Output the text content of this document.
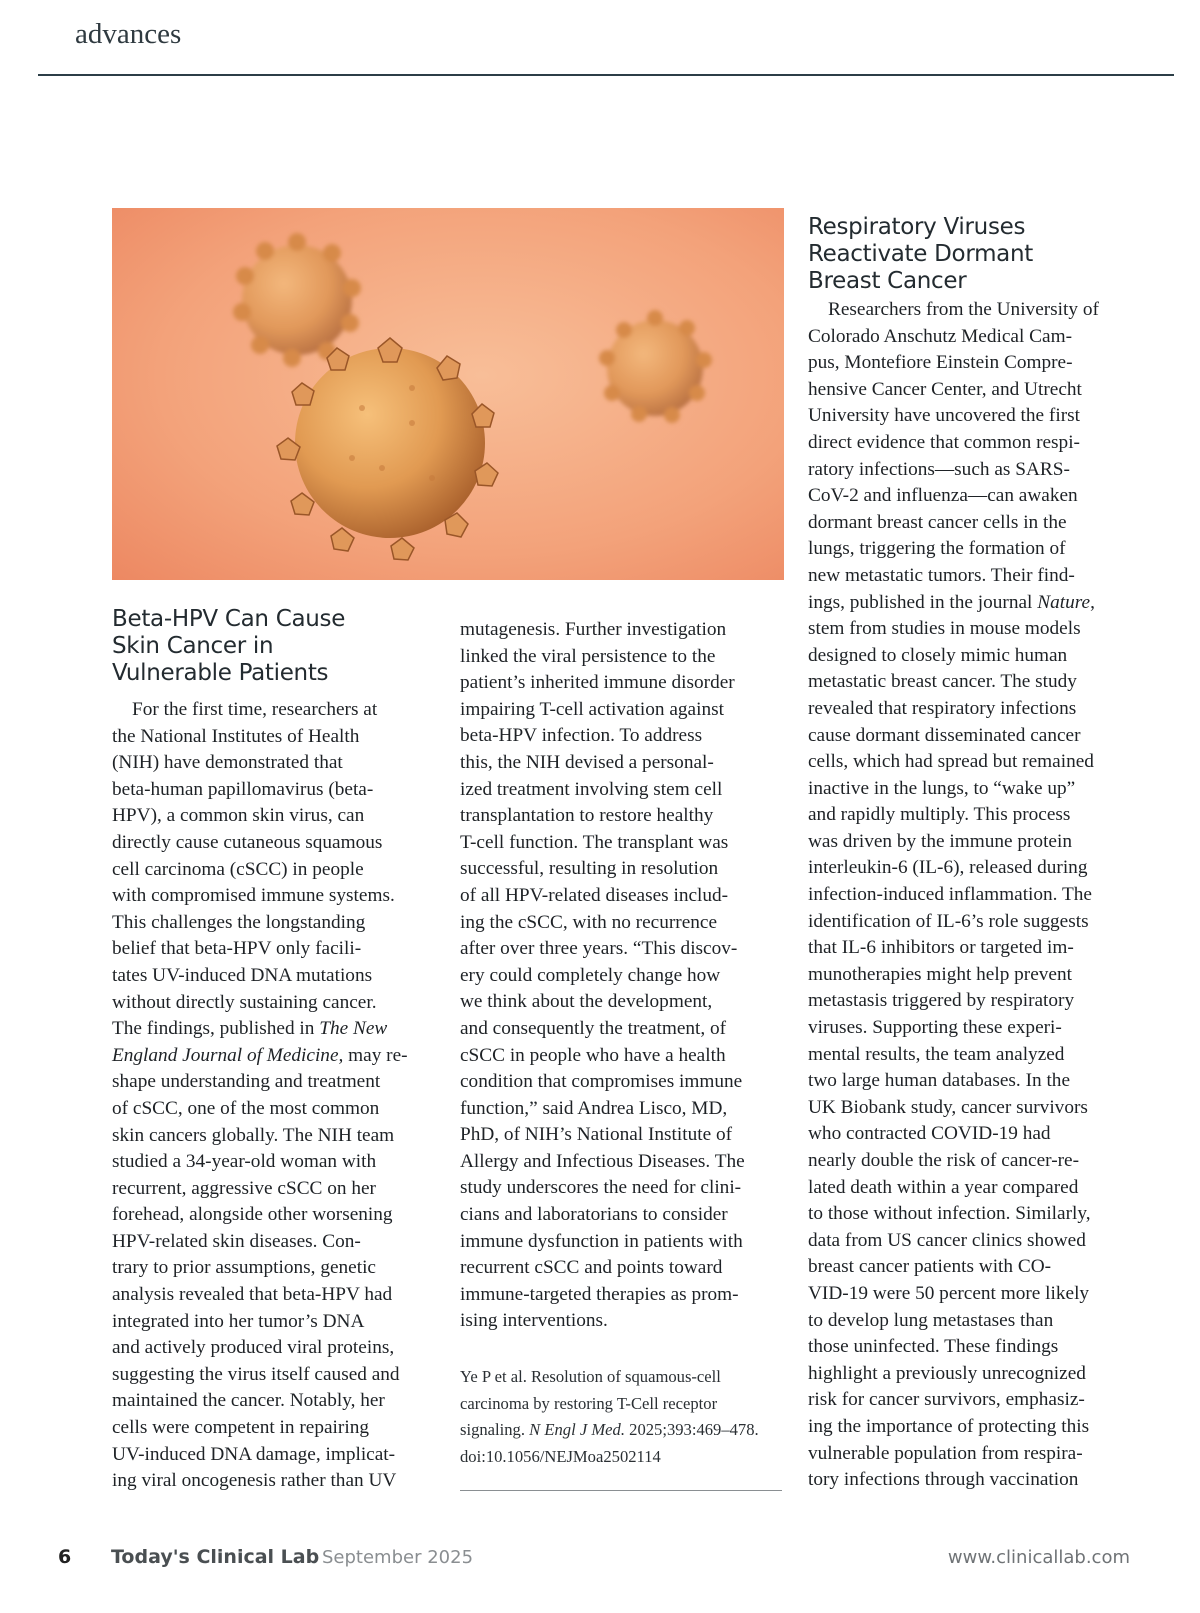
advances
Beta-HPV Can Cause
Skin Cancer in
Vulnerable Patients
For the first time, researchers at
the National Institutes of Health
(NIH) have demonstrated that
beta-human papillomavirus (beta-
HPV), a common skin virus, can
directly cause cutaneous squamous
cell carcinoma (cSCC) in people
with compromised immune systems.
This challenges the longstanding
belief that beta-HPV only facili-
tates UV-induced DNA mutations
without directly sustaining cancer.
The findings, published in The New
England Journal of Medicine, may re-
shape understanding and treatment
of cSCC, one of the most common
skin cancers globally. The NIH team
studied a 34-year-old woman with
recurrent, aggressive cSCC on her
forehead, alongside other worsening
HPV-related skin diseases. Con-
trary to prior assumptions, genetic
analysis revealed that beta-HPV had
integrated into her tumor’s DNA
and actively produced viral proteins,
suggesting the virus itself caused and
maintained the cancer. Notably, her
cells were competent in repairing
UV-induced DNA damage, implicat-
ing viral oncogenesis rather than UV
mutagenesis. Further investigation
linked the viral persistence to the
patient’s inherited immune disorder
impairing T-cell activation against
beta-HPV infection. To address
this, the NIH devised a personal-
ized treatment involving stem cell
transplantation to restore healthy
T-cell function. The transplant was
successful, resulting in resolution
of all HPV-related diseases includ-
ing the cSCC, with no recurrence
after over three years. “This discov-
ery could completely change how
we think about the development,
and consequently the treatment, of
cSCC in people who have a health
condition that compromises immune
function,” said Andrea Lisco, MD,
PhD, of NIH’s National Institute of
Allergy and Infectious Diseases. The
study underscores the need for clini-
cians and laboratorians to consider
immune dysfunction in patients with
recurrent cSCC and points toward
immune-targeted therapies as prom-
ising interventions.
Ye P et al. Resolution of squamous-cell
carcinoma by restoring T-Cell receptor
signaling. N Engl J Med. 2025;393:469–478.
doi:10.1056/NEJMoa2502114
Respiratory Viruses
Reactivate Dormant
Breast Cancer
Researchers from the University of
Colorado Anschutz Medical Cam-
pus, Montefiore Einstein Compre-
hensive Cancer Center, and Utrecht
University have uncovered the first
direct evidence that common respi-
ratory infections—such as SARS-
CoV-2 and influenza—can awaken
dormant breast cancer cells in the
lungs, triggering the formation of
new metastatic tumors. Their find-
ings, published in the journal Nature,
stem from studies in mouse models
designed to closely mimic human
metastatic breast cancer. The study
revealed that respiratory infections
cause dormant disseminated cancer
cells, which had spread but remained
inactive in the lungs, to “wake up”
and rapidly multiply. This process
was driven by the immune protein
interleukin-6 (IL-6), released during
infection-induced inflammation. The
identification of IL-6’s role suggests
that IL-6 inhibitors or targeted im-
munotherapies might help prevent
metastasis triggered by respiratory
viruses. Supporting these experi-
mental results, the team analyzed
two large human databases. In the
UK Biobank study, cancer survivors
who contracted COVID-19 had
nearly double the risk of cancer-re-
lated death within a year compared
to those without infection. Similarly,
data from US cancer clinics showed
breast cancer patients with CO-
VID-19 were 50 percent more likely
to develop lung metastases than
those uninfected. These findings
highlight a previously unrecognized
risk for cancer survivors, emphasiz-
ing the importance of protecting this
vulnerable population from respira-
tory infections through vaccination
6 Today's Clinical Lab September 2025	www.clinicallab.com
